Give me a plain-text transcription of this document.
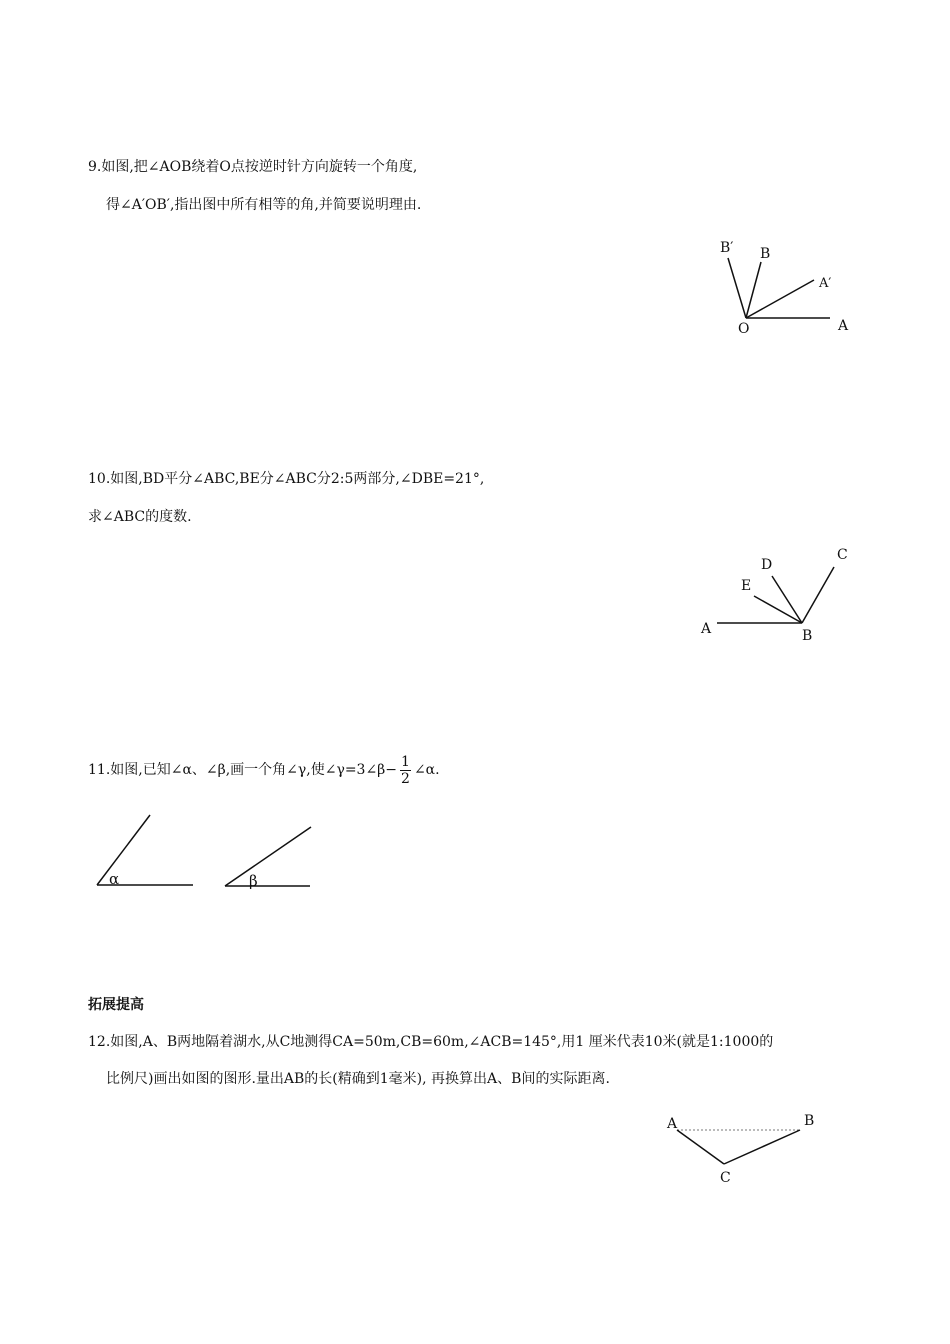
9.如图,把∠AOB绕着O点按逆时针方向旋转一个角度,
得∠A′OB′,指出图中所有相等的角,并简要说明理由.
B′ B
A′
O	A
10.如图,BD平分∠ABC,BE分∠ABC分2:5两部分,∠DBE=21°,
求∠ABC的度数.
D
C
E
A	B
11.如图,已知∠α、∠β,画一个角∠γ,使∠γ=3∠β− $\frac{1}{2}$ ∠α.
α	β
拓展提高
12.如图,A、B两地隔着湖水,从C地测得CA=50m,CB=60m,∠ACB=145°,用1 厘米代表10米(就是1:1000的
比例尺)画出如图的图形.量出AB的长(精确到1毫米), 再换算出A、B间的实际距离.
A	B
C
